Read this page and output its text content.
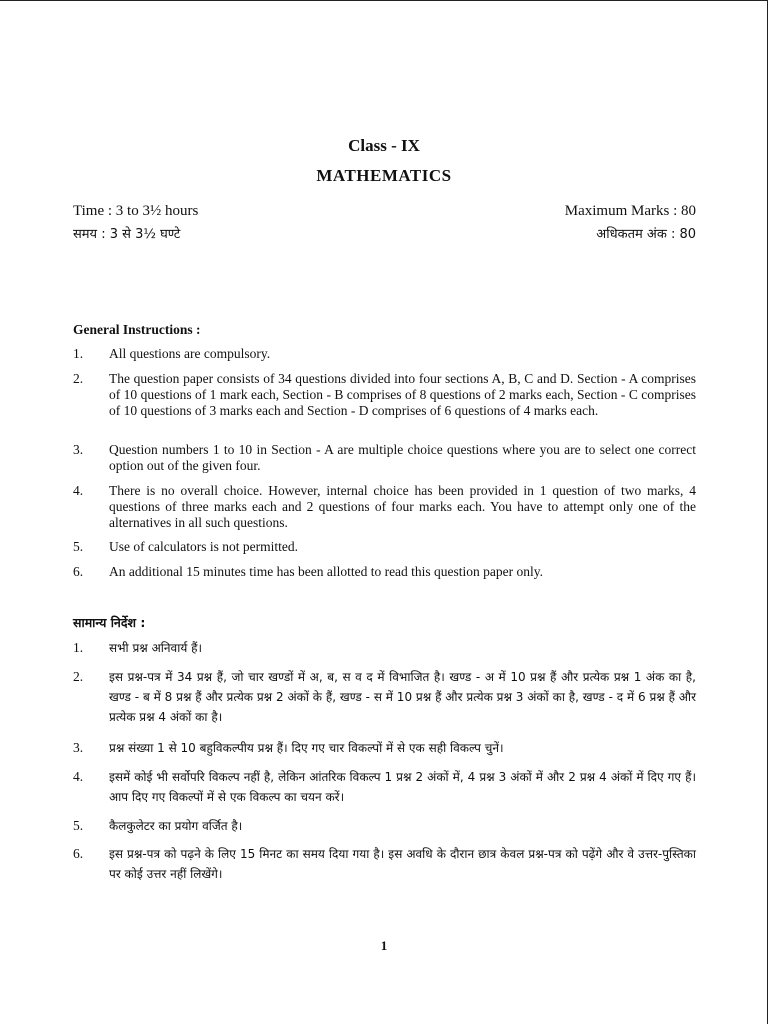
Class - IX
MATHEMATICS
Time : 3 to 3½ hours	Maximum Marks : 80
समय : 3 से 3½ घण्टे	अधिकतम अंक : 80
General Instructions :
1. All questions are compulsory.
2. The question paper consists of 34 questions divided into four sections A, B, C and D. Section - A comprises of 10 questions of 1 mark each, Section - B comprises of 8 questions of 2 marks each, Section - C comprises of 10 questions of 3 marks each and Section - D comprises of 6 questions of 4 marks each.
3. Question numbers 1 to 10 in Section - A are multiple choice questions where you are to select one correct option out of the given four.
4. There is no overall choice. However, internal choice has been provided in 1 question of two marks, 4 questions of three marks each and 2 questions of four marks each. You have to attempt only one of the alternatives in all such questions.
5. Use of calculators is not permitted.
6. An additional 15 minutes time has been allotted to read this question paper only.
सामान्य निर्देश :
1. सभी प्रश्न अनिवार्य हैं।
2. इस प्रश्न-पत्र में 34 प्रश्न हैं, जो चार खण्डों में अ, ब, स व द में विभाजित है। खण्ड - अ में 10 प्रश्न हैं और प्रत्येक प्रश्न 1 अंक का है, खण्ड - ब में 8 प्रश्न हैं और प्रत्येक प्रश्न 2 अंकों के हैं, खण्ड - स में 10 प्रश्न हैं और प्रत्येक प्रश्न 3 अंकों का है, खण्ड - द में 6 प्रश्न हैं और प्रत्येक प्रश्न 4 अंकों का है।
3. प्रश्न संख्या 1 से 10 बहुविकल्पीय प्रश्न हैं। दिए गए चार विकल्पों में से एक सही विकल्प चुनें।
4. इसमें कोई भी सर्वोपरि विकल्प नहीं है, लेकिन आंतरिक विकल्प 1 प्रश्न 2 अंकों में, 4 प्रश्न 3 अंकों में और 2 प्रश्न 4 अंकों में दिए गए हैं। आप दिए गए विकल्पों में से एक विकल्प का चयन करें।
5. कैलकुलेटर का प्रयोग वर्जित है।
6. इस प्रश्न-पत्र को पढ़ने के लिए 15 मिनट का समय दिया गया है। इस अवधि के दौरान छात्र केवल प्रश्न-पत्र को पढ़ेंगे और वे उत्तर-पुस्तिका पर कोई उत्तर नहीं लिखेंगे।
1
